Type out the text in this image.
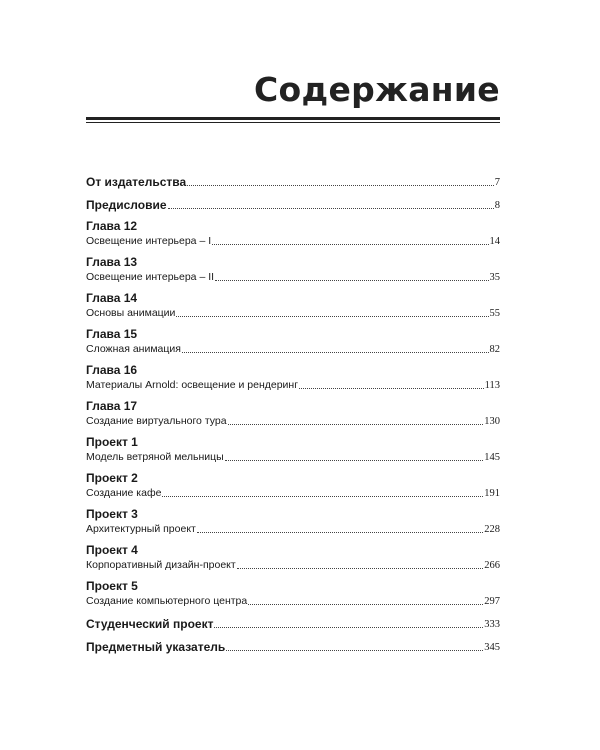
Содержание
От издательства	7
Предисловие	8
Глава 12
Освещение интерьера – I	14
Глава 13
Освещение интерьера – II	35
Глава 14
Основы анимации	55
Глава 15
Сложная анимация	82
Глава 16
Материалы Arnold: освещение и рендеринг	113
Глава 17
Создание виртуального тура	130
Проект 1
Модель ветряной мельницы	145
Проект 2
Создание кафе	191
Проект 3
Архитектурный проект	228
Проект 4
Корпоративный дизайн-проект	266
Проект 5
Создание компьютерного центра	297
Студенческий проект	333
Предметный указатель	345
